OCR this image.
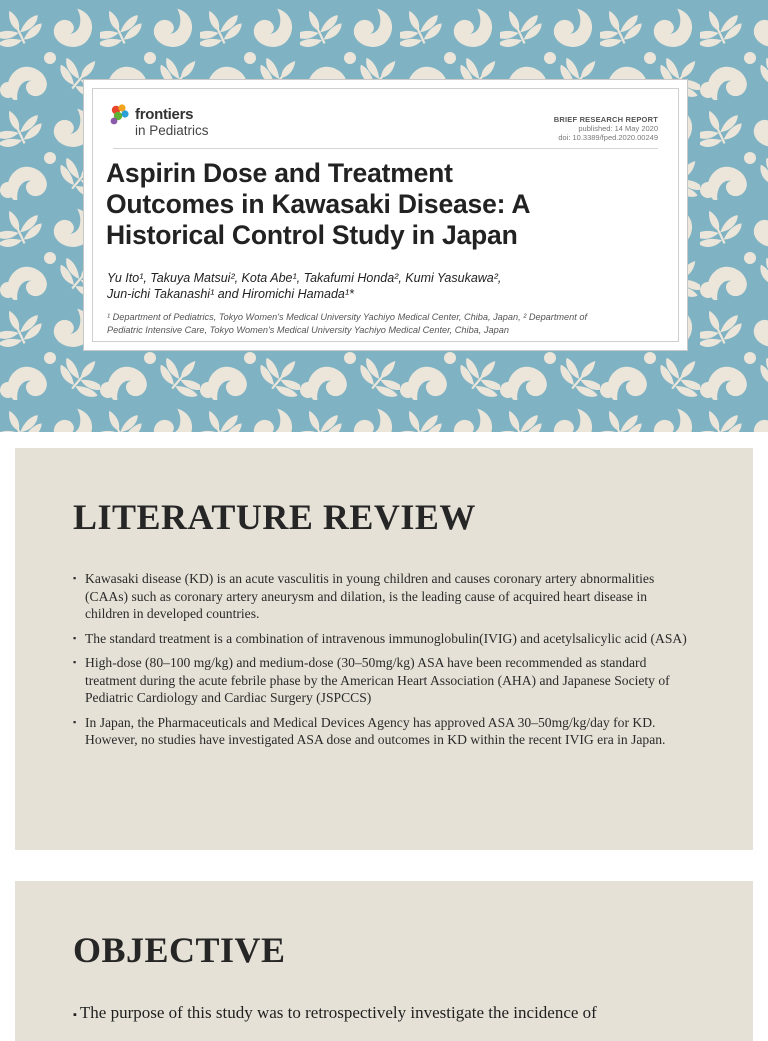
frontiers
in Pediatrics
BRIEF RESEARCH REPORT
published: 14 May 2020
doi: 10.3389/fped.2020.00249
Aspirin Dose and Treatment
Outcomes in Kawasaki Disease: A
Historical Control Study in Japan
Yu Ito¹, Takuya Matsui², Kota Abe¹, Takafumi Honda², Kumi Yasukawa²,
Jun-ichi Takanashi¹ and Hiromichi Hamada¹*
¹ Department of Pediatrics, Tokyo Women's Medical University Yachiyo Medical Center, Chiba, Japan, ² Department of
Pediatric Intensive Care, Tokyo Women's Medical University Yachiyo Medical Center, Chiba, Japan
LITERATURE REVIEW
▪ Kawasaki disease (KD) is an acute vasculitis in young children and causes coronary artery abnormalities (CAAs) such as coronary artery aneurysm and dilation, is the leading cause of acquired heart disease in children in developed countries.
▪ The standard treatment is a combination of intravenous immunoglobulin(IVIG) and acetylsalicylic acid (ASA)
▪ High-dose (80–100 mg/kg) and medium-dose (30–50mg/kg) ASA have been recommended as standard treatment during the acute febrile phase by the American Heart Association (AHA) and Japanese Society of Pediatric Cardiology and Cardiac Surgery (JSPCCS)
▪ In Japan, the Pharmaceuticals and Medical Devices Agency has approved ASA 30–50mg/kg/day for KD. However, no studies have investigated ASA dose and outcomes in KD within the recent IVIG era in Japan.
OBJECTIVE
▪ The purpose of this study was to retrospectively investigate the incidence of
